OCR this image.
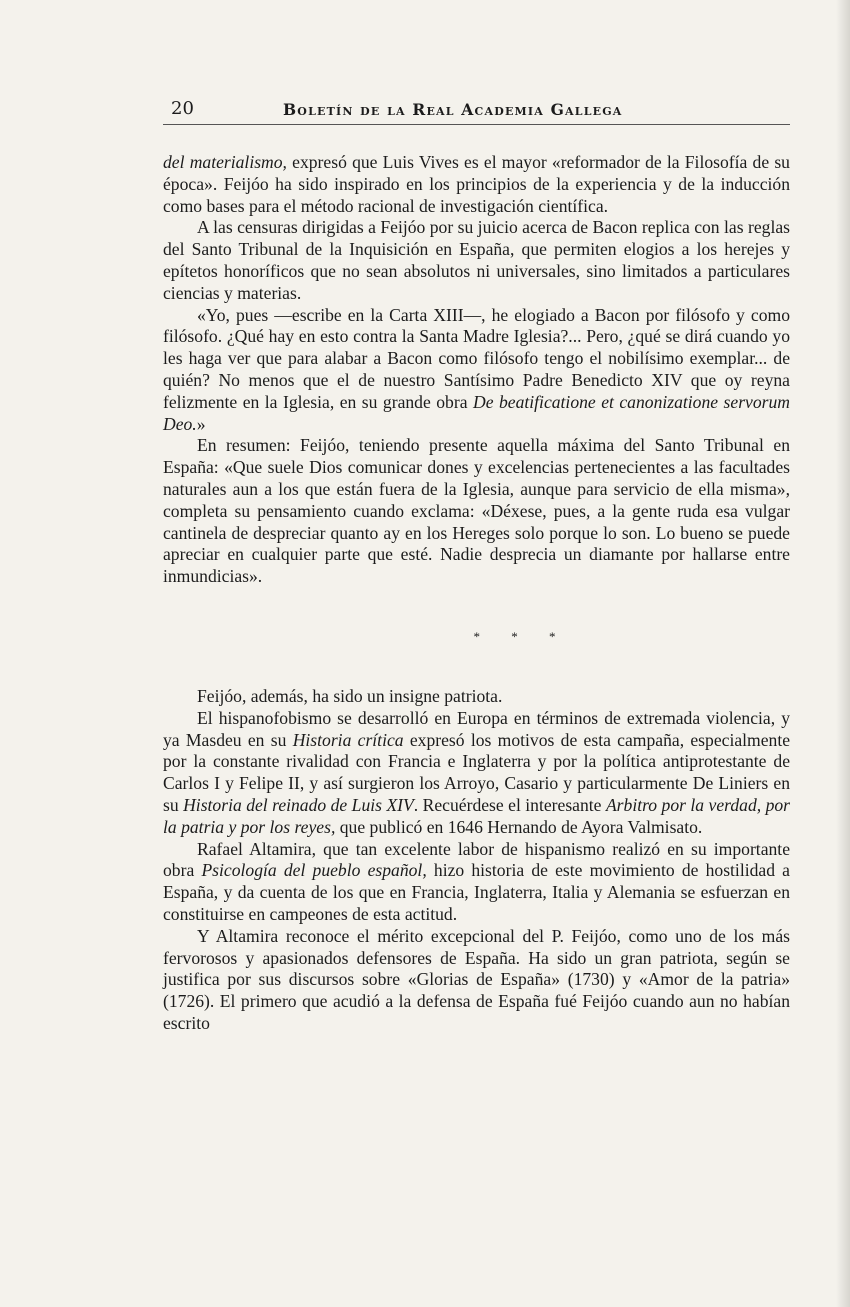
20	Boletín de la Real Academia Gallega

del materialismo, expresó que Luis Vives es el mayor «reformador de la Filosofía de su época». Feijóo ha sido inspirado en los principios de la experiencia y de la inducción como bases para el método racional de investigación científica.

A las censuras dirigidas a Feijóo por su juicio acerca de Bacon replica con las reglas del Santo Tribunal de la Inquisición en España, que permiten elogios a los herejes y epítetos honoríficos que no sean absolutos ni universales, sino limitados a particulares ciencias y materias.

«Yo, pues —escribe en la Carta XIII—, he elogiado a Bacon por filósofo y como filósofo. ¿Qué hay en esto contra la Santa Madre Iglesia?... Pero, ¿qué se dirá cuando yo les haga ver que para alabar a Bacon como filósofo tengo el nobilísimo exemplar... de quién? No menos que el de nuestro Santísimo Padre Benedicto XIV que oy reyna felizmente en la Iglesia, en su grande obra De beatificatione et canonizatione servorum Deo.»

En resumen: Feijóo, teniendo presente aquella máxima del Santo Tribunal en España: «Que suele Dios comunicar dones y excelencias pertenecientes a las facultades naturales aun a los que están fuera de la Iglesia, aunque para servicio de ella misma», completa su pensamiento cuando exclama: «Déxese, pues, a la gente ruda esa vulgar cantinela de despreciar quanto ay en los Hereges solo porque lo son. Lo bueno se puede apreciar en cualquier parte que esté. Nadie desprecia un diamante por hallarse entre inmundicias».

* * *

Feijóo, además, ha sido un insigne patriota.

El hispanofobismo se desarrolló en Europa en términos de extremada violencia, y ya Masdeu en su Historia crítica expresó los motivos de esta campaña, especialmente por la constante rivalidad con Francia e Inglaterra y por la política antiprotestante de Carlos I y Felipe II, y así surgieron los Arroyo, Casario y particularmente De Liniers en su Historia del reinado de Luis XIV. Recuérdese el interesante Arbitro por la verdad, por la patria y por los reyes, que publicó en 1646 Hernando de Ayora Valmisato.

Rafael Altamira, que tan excelente labor de hispanismo realizó en su importante obra Psicología del pueblo español, hizo historia de este movimiento de hostilidad a España, y da cuenta de los que en Francia, Inglaterra, Italia y Alemania se esfuerzan en constituirse en campeones de esta actitud.

Y Altamira reconoce el mérito excepcional del P. Feijóo, como uno de los más fervorosos y apasionados defensores de España. Ha sido un gran patriota, según se justifica por sus discursos sobre «Glorias de España» (1730) y «Amor de la patria» (1726). El primero que acudió a la defensa de España fué Feijóo cuando aun no habían escrito
